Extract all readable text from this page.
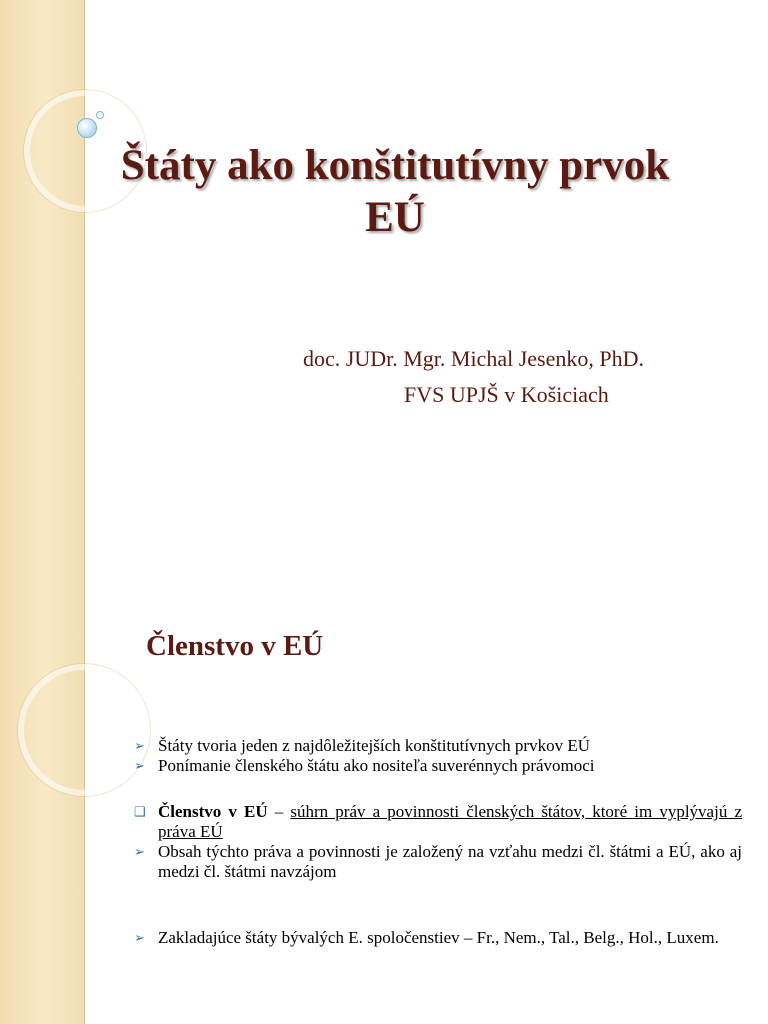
Štáty ako konštitutívny prvok
EÚ

doc. JUDr. Mgr. Michal Jesenko, PhD.

FVS UPJŠ v Košiciach

Členstvo v EÚ
➢ Štáty tvoria jeden z najdôležitejších konštitutívnych prvkov EÚ
➢ Ponímanie členského štátu ako nositeľa suverénnych právomoci
❑ Členstvo v EÚ – súhrn práv a povinnosti členských štátov, ktoré im vyplývajú z práva EÚ
➢ Obsah týchto práva a povinnosti je založený na vzťahu medzi čl. štátmi a EÚ, ako aj medzi čl. štátmi navzájom
➢ Zakladajúce štáty bývalých E. spoločenstiev – Fr., Nem., Tal., Belg., Hol., Luxem.
